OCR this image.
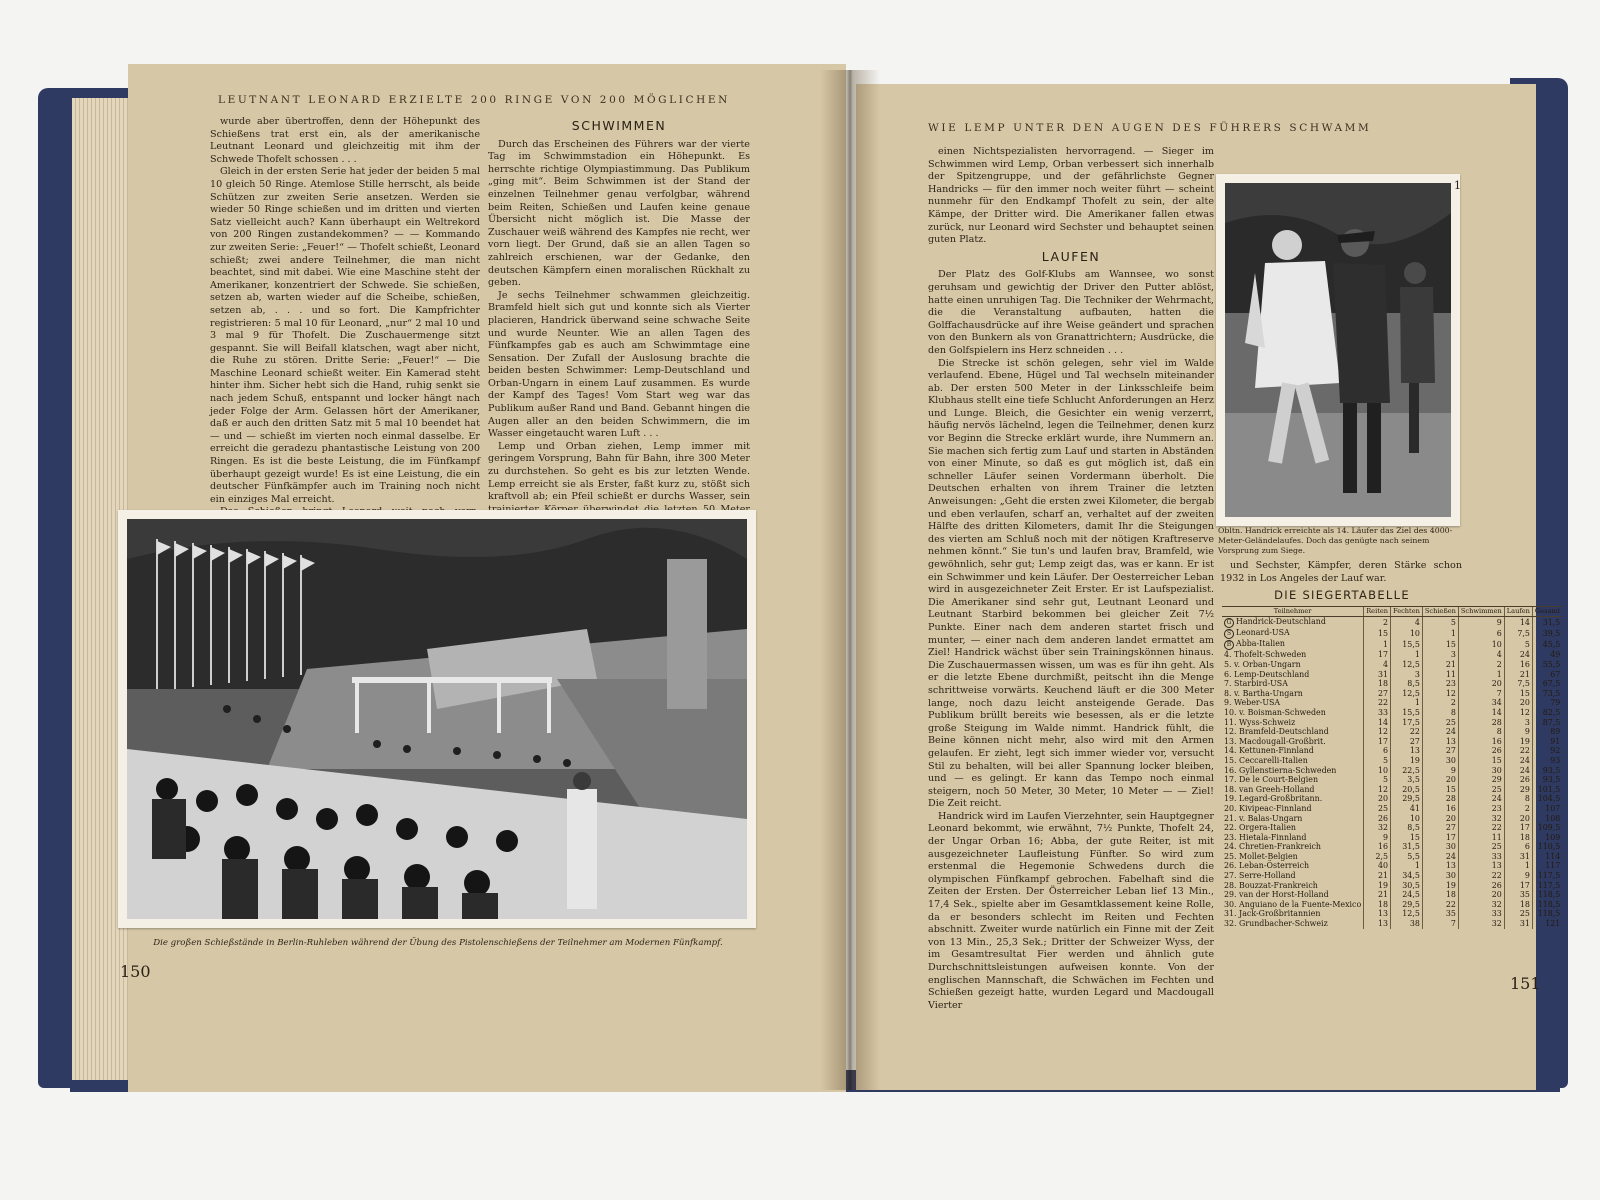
LEUTNANT LEONARD ERZIELTE 200 RINGE VON 200 MÖGLICHEN

wurde aber übertroffen, denn der Höhepunkt des Schießens trat erst ein, als der amerikanische Leutnant Leonard und gleichzeitig mit ihm der Schwede Thofelt schossen . . .

Gleich in der ersten Serie hat jeder der beiden 5 mal 10 gleich 50 Ringe. Atemlose Stille herrscht, als beide Schützen zur zweiten Serie ansetzen. Werden sie wieder 50 Ringe schießen und im dritten und vierten Satz vielleicht auch? Kann überhaupt ein Weltrekord von 200 Ringen zustandekommen? — — Kommando zur zweiten Serie: „Feuer!“ — Thofelt schießt, Leonard schießt; zwei andere Teilnehmer, die man nicht beachtet, sind mit dabei. Wie eine Maschine steht der Amerikaner, konzentriert der Schwede. Sie schießen, setzen ab, warten wieder auf die Scheibe, schießen, setzen ab, . . . und so fort. Die Kampfrichter registrieren: 5 mal 10 für Leonard, „nur“ 2 mal 10 und 3 mal 9 für Thofelt. Die Zuschauermenge sitzt gespannt. Sie will Beifall klatschen, wagt aber nicht, die Ruhe zu stören. Dritte Serie: „Feuer!“ — Die Maschine Leonard schießt weiter. Ein Kamerad steht hinter ihm. Sicher hebt sich die Hand, ruhig senkt sie nach jedem Schuß, entspannt und locker hängt nach jeder Folge der Arm. Gelassen hört der Amerikaner, daß er auch den dritten Satz mit 5 mal 10 beendet hat — und — schießt im vierten noch einmal dasselbe. Er erreicht die geradezu phantastische Leistung von 200 Ringen. Es ist die beste Leistung, die im Fünfkampf überhaupt gezeigt wurde! Es ist eine Leistung, die ein deutscher Fünfkämpfer auch im Training noch nicht ein einziges Mal erreicht.

SCHWIMMEN

Durch das Erscheinen des Führers war der vierte Tag im Schwimmstadion ein Höhepunkt. Es herrschte richtige Olympiastimmung. Das Publikum „ging mit“. Beim Schwimmen ist der Stand der einzelnen Teilnehmer genau verfolgbar, während beim Reiten, Schießen und Laufen keine genaue Übersicht nicht möglich ist. Die Masse der Zuschauer weiß während des Kampfes nie recht, wer vorn liegt. Der Grund, daß sie an allen Tagen so zahlreich erschienen, war der Gedanke, den deutschen Kämpfern einen moralischen Rückhalt zu geben.

Je sechs Teilnehmer schwammen gleichzeitig. Bramfeld hielt sich gut und konnte sich als Vierter placieren, Handrick überwand seine schwache Seite und wurde Neunter. Wie an allen Tagen des Fünfkampfes gab es auch am Schwimmtage eine Sensation. Der Zufall der Auslosung brachte die beiden besten Schwimmer: Lemp-Deutschland und Orban-Ungarn in einem Lauf zusammen. Es wurde der Kampf des Tages! Vom Start weg war das Publikum außer Rand und Band. Gebannt hingen die Augen aller an den beiden Schwimmern, die im Wasser eingetaucht waren Luft . . .

Lemp und Orban ziehen, Lemp immer mit geringem Vorsprung, Bahn für Bahn, ihre 300 Meter zu durchstehen. So geht es bis zur letzten Wende. Lemp erreicht sie als Erster, faßt kurz zu, stößt sich kraftvoll ab; ein Pfeil schießt er durchs Wasser, sein

Die großen Schießstände in Berlin-Ruhleben während der Übung des Pistolenschießens der Teilnehmer am Modernen Fünfkampf.
150
WIE LEMP UNTER DEN AUGEN DES FÜHRERS SCHWAMM

einen Nichtspezialisten hervorragend. — Sieger im Schwimmen wird Lemp, Orban verbessert sich innerhalb der Spitzengruppe, und der gefährlichste Gegner Handricks — für den immer noch weiter führt — scheint nunmehr für den Endkampf Thofelt zu sein, der alte Kämpe, der Dritter wird. Die Amerikaner fallen etwas zurück, nur Leonard wird Sechster und behauptet seinen guten Platz.

LAUFEN

Der Platz des Golf-Klubs am Wannsee, wo sonst geruhsam und gewichtig der Driver den Putter ablöst, hatte einen unruhigen Tag. Die Techniker der Wehrmacht, die die Veranstaltung aufbauten, hatten die Golffachausdrücke auf ihre Weise geändert und sprachen von den Bunkern als von Granattrichtern; Ausdrücke, die den Golfspielern ins Herz schneiden . . .

Die Strecke ist schön gelegen, sehr viel im Walde verlaufend. Ebene, Hügel und Tal wechseln miteinander ab. Der ersten 500 Meter in der Linksschleife beim Klubhaus stellt eine tiefe Schlucht Anforderungen an Herz und Lunge. Bleich, die Gesichter ein wenig verzerrt, häufig nervös lächelnd, legen die Teilnehmer, denen kurz vor Beginn die Strecke erklärt wurde, ihre Nummern an. Sie machen sich fertig zum Lauf und starten in Abständen von einer Minute, so daß es gut möglich ist, daß ein schneller Läufer seinen Vordermann überholt. Die Deutschen erhalten von ihrem Trainer die letzten Anweisungen: „Geht die ersten zwei Kilometer, die bergab und eben verlaufen, scharf an, verhaltet auf der zweiten Hälfte des dritten Kilometers, damit Ihr die Steigungen des vierten am Schluß noch mit der nötigen Kraftreserve nehmen könnt.“ Sie tun's und laufen brav, Bramfeld, wie gewöhnlich, sehr gut; Lemp zeigt das, was er kann. Er ist ein Schwimmer und kein Läufer. Der Oesterreicher Leban wird in ausgezeichneter Zeit Erster. Er ist Laufspezialist. Die Amerikaner sind sehr gut, Leutnant Leonard und Leutnant Starbird bekommen bei gleicher Zeit 7½ Punkte. Einer nach dem anderen startet frisch und munter, — einer nach dem anderen landet ermattet am Ziel! Handrick wächst über sein Trainingskönnen hinaus. Die Zuschauermassen wissen, um was es für ihn geht. Als er die letzte Ebene durchmißt, peitscht ihn die Menge schrittweise vorwärts. Keuchend läuft er die 300 Meter lange, noch dazu leicht ansteigende Gerade. Das Publikum brüllt bereits wie besessen, als er die letzte große Steigung im Walde nimmt. Handrick fühlt, die Beine können nicht mehr, also wird mit den Armen gelaufen. Er zieht, legt sich immer wieder vor, versucht Stil zu behalten, will bei aller Spannung locker bleiben, und — es gelingt. Er kann das Tempo noch einmal steigern, noch 50 Meter, 30 Meter, 10 Meter — — Ziel! Die Zeit reicht.

Handrick wird im Laufen Vierzehnter, sein Hauptgegner Leonard bekommt, wie erwähnt, 7½ Punkte, Thofelt 24, der Ungar Orban 16; Abba, der gute Reiter, ist mit ausgezeichneter Laufleistung Fünfter. So wird zum erstenmal die Hegemonie Schwedens durch die olympischen Fünfkampf gebrochen. Fabelhaft sind die Zeiten der Ersten. Der Österreicher Leban lief 13 Min., 17,4 Sek., spielte aber im Gesamtklassement keine Rolle, da er besonders schlecht im Reiten und Fechten abschnitt. Zweiter wurde natürlich ein Finne mit der Zeit von 13 Min., 25,3 Sek.; Dritter der Schweizer Wyss, der im Gesamtresultat Fier werden und ähnlich gute Durchschnittsleistungen aufweisen konnte. Von der englischen Mannschaft, die Schwächen im Fechten und Schießen gezeigt hatte, wurden Legard und Macdougall Vierter

1
Obltn. Handrick erreichte als 14. Läufer das Ziel des 4000-Meter-Geländelaufes. Doch das genügte nach seinem Vorsprung zum Siege.
und Sechster, Kämpfer, deren Stärke schon 1932 in Los Angeles der Lauf war.
DIE SIEGERTABELLE
Teilnehmer	Reiten	Fechten	Schießen	Schwimmen	Laufen	Gesamt
G Handrick-Deutschland	2	4	5	9	14	31,5
S Leonard-USA	15	10	1	6	7,5	39,5
B Abba-Italien	1	15,5	15	10	5	45,5
4. Thofelt-Schweden	17	1	3	4	24	49
5. v. Orban-Ungarn	4	12,5	21	2	16	55,5
6. Lemp-Deutschland	31	3	11	1	21	67
7. Starbird-USA	18	8,5	23	20	7,5	67,5
8. v. Bartha-Ungarn	27	12,5	12	7	15	73,5
9. Weber-USA	22	1	2	34	20	79
10. v. Boisman-Schweden	33	15,5	8	14	12	82,5
11. Wyss-Schweiz	14	17,5	25	28	3	87,5
12. Bramfeld-Deutschland	12	22	24	8	9	89
13. Macdougall-Großbrit.	17	27	13	16	19	91
14. Kettunen-Finnland	6	13	27	26	22	92
15. Ceccarelli-Italien	5	19	30	15	24	93
16. Gyllenstierna-Schweden	10	22,5	9	30	24	93,5
17. De le Court-Belgien	5	3,5	20	29	26	93,5
18. van Greeh-Holland	12	20,5	15	25	29	101,5
19. Legard-Großbritann.	20	29,5	28	24	8	104,5
20. Kivipeac-Finnland	25	41	16	23	2	107
21. v. Balas-Ungarn	26	10	20	32	20	108
22. Orgera-Italien	32	8,5	27	22	17	109,5
23. Hietala-Finnland	9	15	17	11	18	109
24. Chretien-Frankreich	16	31,5	30	25	6	110,5
25. Mollet-Belgien	2,5	5,5	24	33	31	114
26. Leban-Österreich	40	1	13	13	1	117
27. Serre-Holland	21	34,5	30	22	9	117,5
28. Bouzzat-Frankreich	19	30,5	19	26	17	117,5
29. van der Horst-Holland	21	24,5	18	20	35	118,5
30. Anguiano de la Fuente-Mexico	18	29,5	22	32	18	118,5
31. Jack-Großbritannien	13	12,5	35	33	25	118,5
32. Grundbacher-Schweiz	13	38	7	32	31	121
151
